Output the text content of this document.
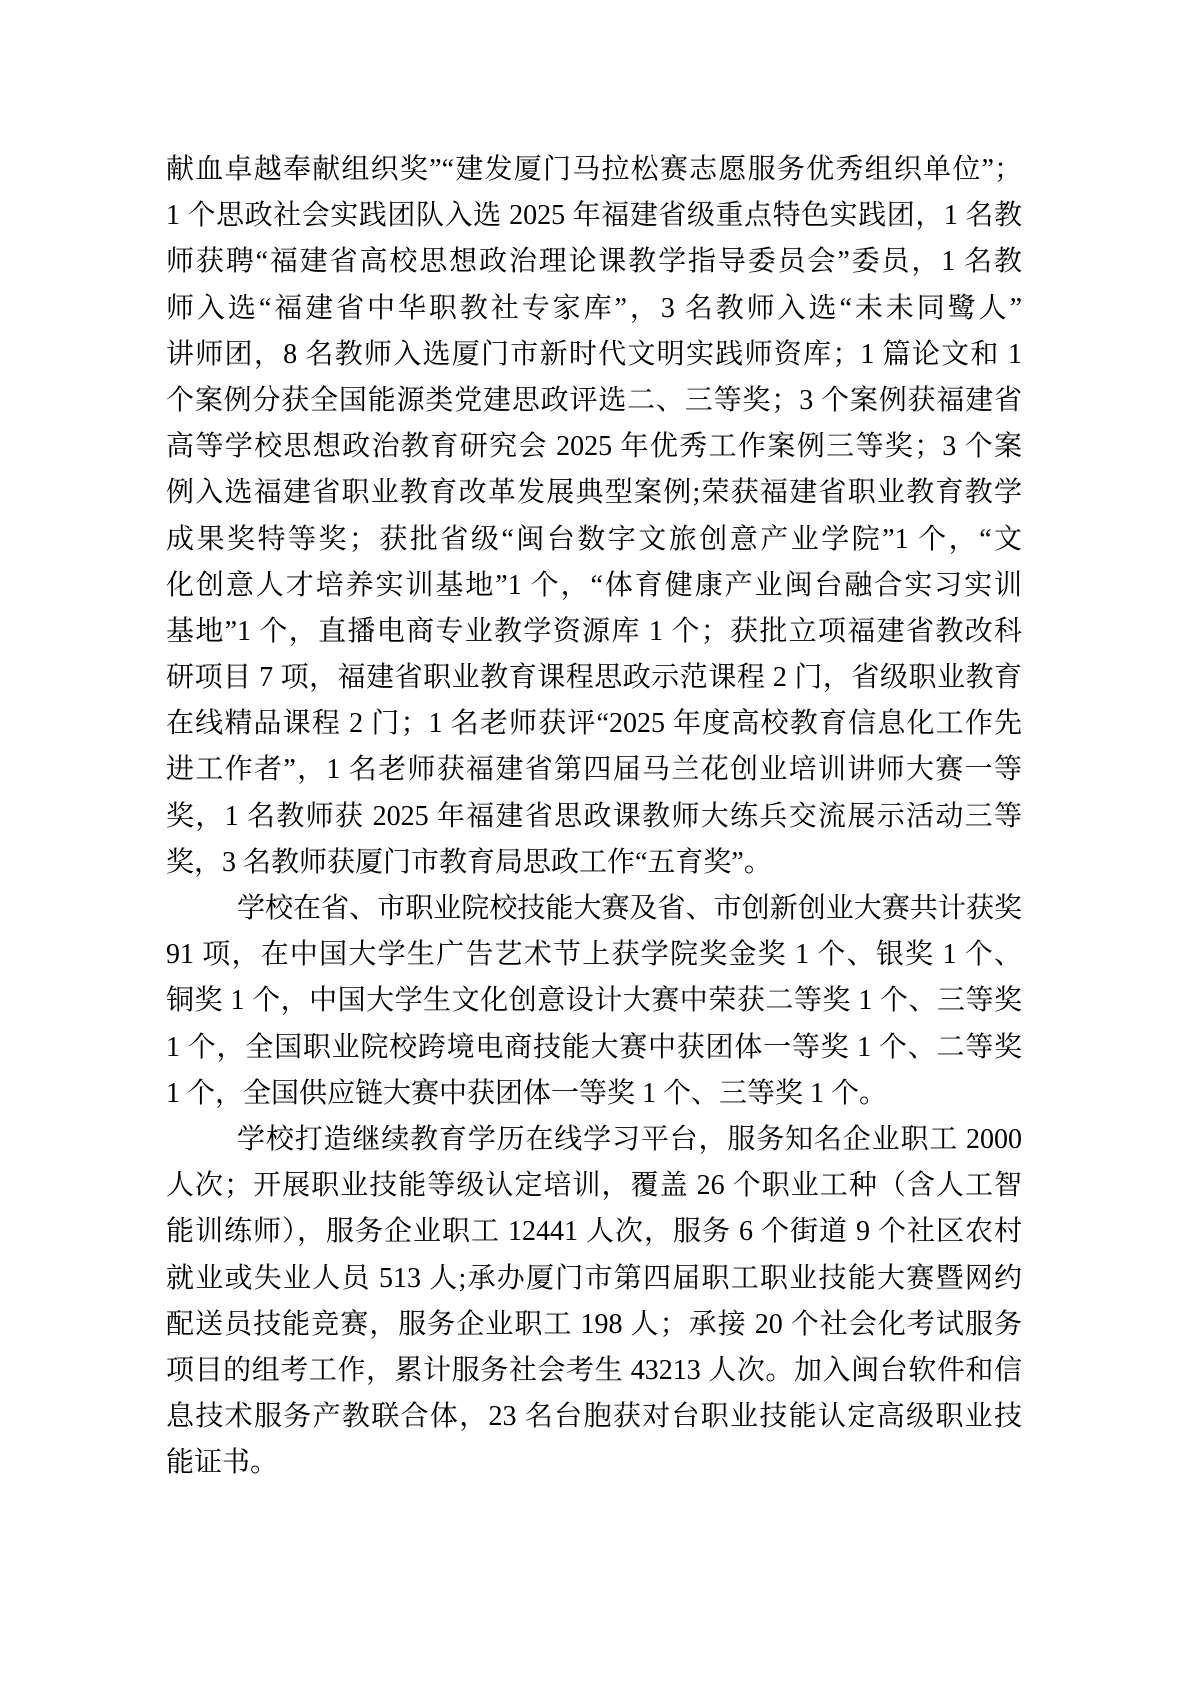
献血卓越奉献组织奖”“建发厦门马拉松赛志愿服务优秀组织单位”；
1 个思政社会实践团队入选 2025 年福建省级重点特色实践团，1 名教
师获聘“福建省高校思想政治理论课教学指导委员会”委员，1 名教
师入选“福建省中华职教社专家库”，3 名教师入选“未未同鹭人”
讲师团，8 名教师入选厦门市新时代文明实践师资库；1 篇论文和 1
个案例分获全国能源类党建思政评选二、三等奖；3 个案例获福建省
高等学校思想政治教育研究会 2025 年优秀工作案例三等奖；3 个案
例入选福建省职业教育改革发展典型案例;荣获福建省职业教育教学
成果奖特等奖；获批省级“闽台数字文旅创意产业学院”1 个，“文
化创意人才培养实训基地”1 个，“体育健康产业闽台融合实习实训
基地”1 个，直播电商专业教学资源库 1 个；获批立项福建省教改科
研项目 7 项，福建省职业教育课程思政示范课程 2 门，省级职业教育
在线精品课程 2 门；1 名老师获评“2025 年度高校教育信息化工作先
进工作者”，1 名老师获福建省第四届马兰花创业培训讲师大赛一等
奖，1 名教师获 2025 年福建省思政课教师大练兵交流展示活动三等
奖，3 名教师获厦门市教育局思政工作“五育奖”。
学校在省、市职业院校技能大赛及省、市创新创业大赛共计获奖
91 项，在中国大学生广告艺术节上获学院奖金奖 1 个、银奖 1 个、
铜奖 1 个，中国大学生文化创意设计大赛中荣获二等奖 1 个、三等奖
1 个，全国职业院校跨境电商技能大赛中获团体一等奖 1 个、二等奖
1 个，全国供应链大赛中获团体一等奖 1 个、三等奖 1 个。
学校打造继续教育学历在线学习平台，服务知名企业职工 2000
人次；开展职业技能等级认定培训，覆盖 26 个职业工种（含人工智
能训练师），服务企业职工 12441 人次，服务 6 个街道 9 个社区农村
就业或失业人员 513 人;承办厦门市第四届职工职业技能大赛暨网约
配送员技能竞赛，服务企业职工 198 人；承接 20 个社会化考试服务
项目的组考工作，累计服务社会考生 43213 人次。加入闽台软件和信
息技术服务产教联合体，23 名台胞获对台职业技能认定高级职业技
能证书。
